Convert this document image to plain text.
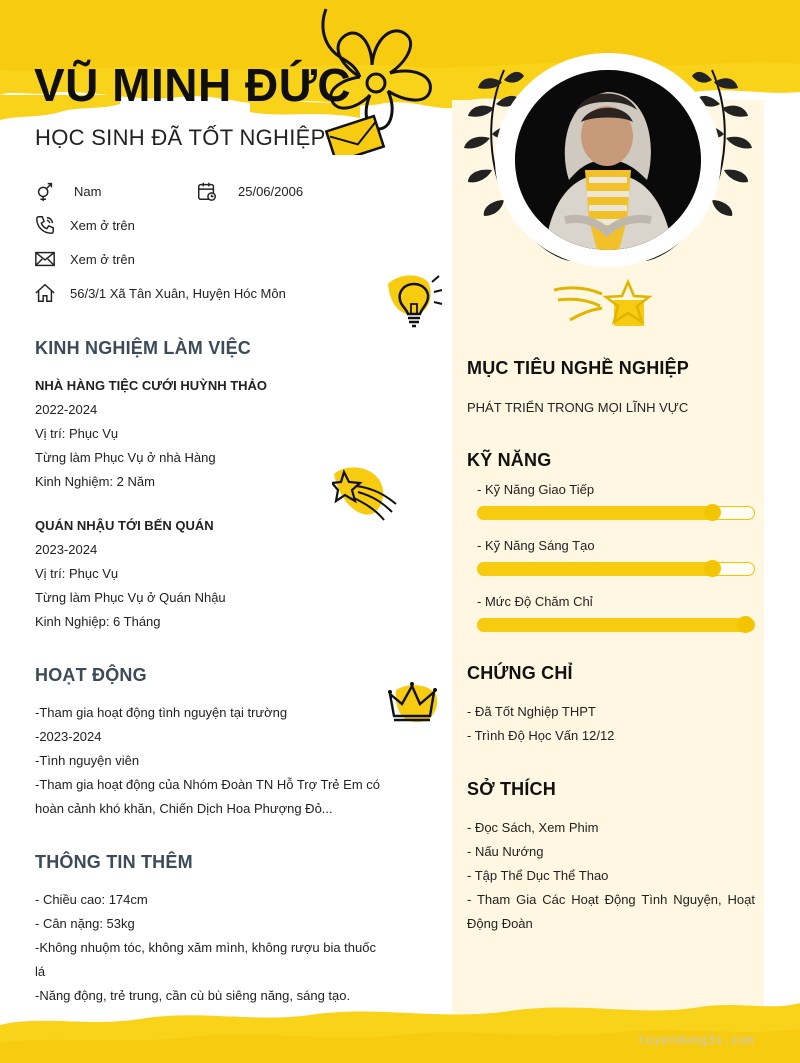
VŨ MINH ĐỨC
HỌC SINH ĐÃ TỐT NGHIỆP
Nam	25/06/2006
Xem ở trên
Xem ở trên
56/3/1 Xã Tân Xuân, Huyện Hóc Môn
KINH NGHIỆM LÀM VIỆC
NHÀ HÀNG TIỆC CƯỚI HUỲNH THẢO
2022-2024
Vị trí: Phục Vụ
Từng làm Phục Vụ ở nhà Hàng
Kinh Nghiệm: 2 Năm
QUÁN NHẬU TỚI BẾN QUÁN
2023-2024
Vị trí: Phục Vụ
Từng làm Phục Vụ ở Quán Nhậu
Kinh Nghiệp: 6 Tháng
HOẠT ĐỘNG
-Tham gia hoạt động tình nguyện tại trường
-2023-2024
-Tình nguyện viên
-Tham gia hoạt động của Nhóm Đoàn TN Hỗ Trợ Trẻ Em có hoàn cảnh khó khăn, Chiến Dịch Hoa Phượng Đỏ...
THÔNG TIN THÊM
- Chiều cao: 174cm
- Cân nặng: 53kg
-Không nhuộm tóc, không xăm mình, không rượu bia thuốc lá
-Năng động, trẻ trung, cần cù bù siêng năng, sáng tạo.
MỤC TIÊU NGHỀ NGHIỆP
PHÁT TRIỂN TRONG MỌI LĨNH VỰC
KỸ NĂNG
- Kỹ Năng Giao Tiếp
- Kỹ Năng Sáng Tạo
- Mức Độ Chăm Chỉ
CHỨNG CHỈ
- Đã Tốt Nghiệp THPT
- Trình Độ Học Vấn 12/12
SỞ THÍCH
- Đọc Sách, Xem Phim
- Nấu Nướng
- Tập Thể Dục Thể Thao
- Tham Gia Các Hoạt Động Tình Nguyện, Hoạt Động Đoàn
tuyendung3s.com
